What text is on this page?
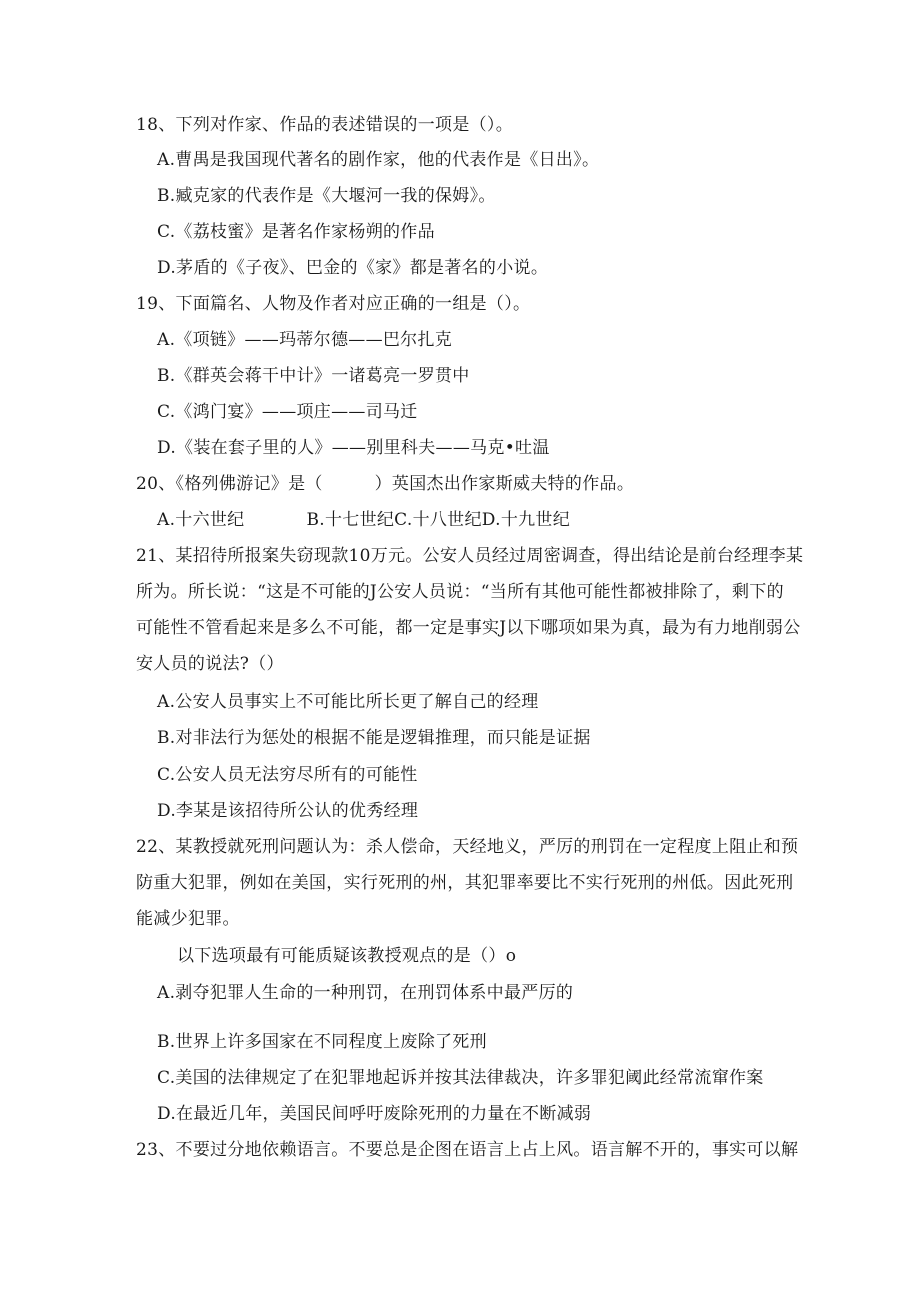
18、下列对作家、作品的表述错误的一项是（）。
A.曹禺是我国现代著名的剧作家，他的代表作是《日出》。
B.臧克家的代表作是《大堰河一我的保姆》。
C.《荔枝蜜》是著名作家杨朔的作品
D.茅盾的《子夜》、巴金的《家》都是著名的小说。
19、下面篇名、人物及作者对应正确的一组是（）。
A.《项链》——玛蒂尔德——巴尔扎克
B.《群英会蒋干中计》一诸葛亮一罗贯中
C.《鸿门宴》——项庄——司马迁
D.《装在套子里的人》——别里科夫——马克•吐温
20、《格列佛游记》是（　　　）英国杰出作家斯威夫特的作品。
A.十六世纪	B.十七世纪C.十八世纪D.十九世纪
21、某招待所报案失窃现款10万元。公安人员经过周密调查，得出结论是前台经理李某
所为。所长说：“这是不可能的J公安人员说：“当所有其他可能性都被排除了，剩下的
可能性不管看起来是多么不可能，都一定是事实J以下哪项如果为真，最为有力地削弱公
安人员的说法?（）
A.公安人员事实上不可能比所长更了解自己的经理
B.对非法行为惩处的根据不能是逻辑推理，而只能是证据
C.公安人员无法穷尽所有的可能性
D.李某是该招待所公认的优秀经理
22、某教授就死刑问题认为：杀人偿命，天经地义，严厉的刑罚在一定程度上阻止和预
防重大犯罪，例如在美国，实行死刑的州，其犯罪率要比不实行死刑的州低。因此死刑
能减少犯罪。
以下选项最有可能质疑该教授观点的是（）o
A.剥夺犯罪人生命的一种刑罚，在刑罚体系中最严厉的
B.世界上许多国家在不同程度上废除了死刑
C.美国的法律规定了在犯罪地起诉并按其法律裁决，许多罪犯阈此经常流窜作案
D.在最近几年，美国民间呼吁废除死刑的力量在不断减弱
23、不要过分地依赖语言。不要总是企图在语言上占上风。语言解不开的，事实可以解
